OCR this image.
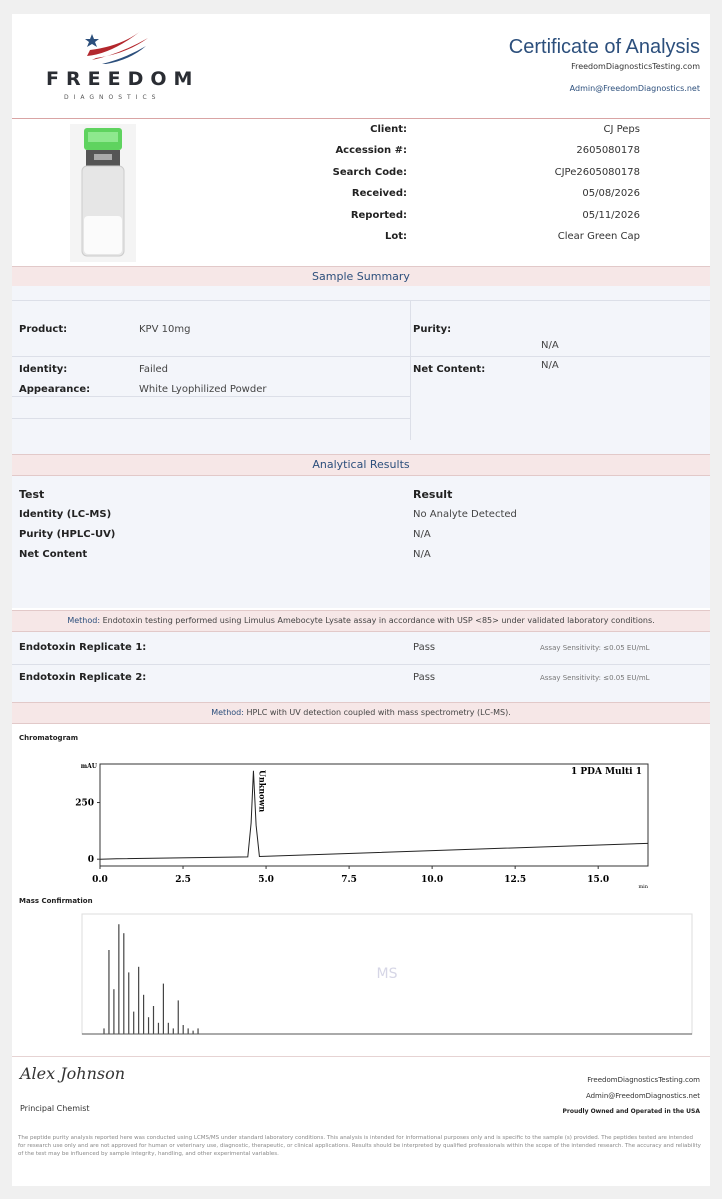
FREEDOM
DIAGNOSTICS
Certificate of Analysis
FreedomDiagnosticsTesting.com
Admin@FreedomDiagnostics.net
Client:	CJ Peps
Accession #:	2605080178
Search Code:	CJPe2605080178
Received:	05/08/2026
Reported:	05/11/2026
Lot:	Clear Green Cap
Sample Summary
Product:	KPV 10mg
Identity:	Failed
Appearance:	White Lyophilized Powder
Purity:
N/A
Net Content:	N/A
Analytical Results
Test	Result
Identity (LC-MS)	No Analyte Detected
Purity (HPLC-UV)	N/A
Net Content	N/A
Method: Endotoxin testing performed using Limulus Amebocyte Lysate assay in accordance with USP <85> under validated laboratory conditions.
Endotoxin Replicate 1:	Pass	Assay Sensitivity: ≤0.05 EU/mL
Endotoxin Replicate 2:	Pass	Assay Sensitivity: ≤0.05 EU/mL
Method: HPLC with UV detection coupled with mass spectrometry (LC-MS).
Chromatogram
mAU
min
1 PDA Multi 1
0.0	2.5	5.0	7.5	10.0	12.5	15.0
0
250	Unknown
Mass Confirmation
MS
Alex Johnson
Principal Chemist
FreedomDiagnosticsTesting.com
Admin@FreedomDiagnostics.net
Proudly Owned and Operated in the USA
The peptide purity analysis reported here was conducted using LCMS/MS under standard laboratory conditions. This analysis is intended for informational purposes only and is specific to the sample (s) provided. The peptides tested are intended for research use only and are not approved for human or veterinary use, diagnostic, therapeutic, or clinical applications. Results should be interpreted by qualified professionals within the scope of the intended research. The accuracy and reliability of the test may be influenced by sample integrity, handling, and other experimental variables.
